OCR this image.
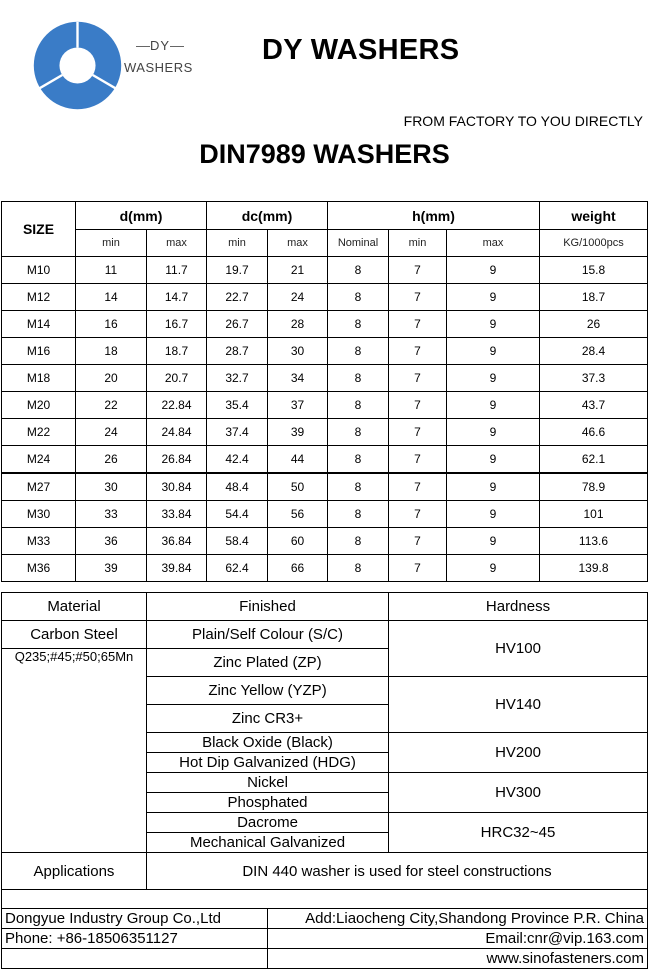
DY
WASHERS
DY WASHERS
FROM FACTORY TO YOU DIRECTLY
DIN7989 WASHERS
SIZE	d(mm)		dc(mm)		h(mm)			weight
	min	max	min	max	Nominal	min	max	KG/1000pcs
M10	11	11.7	19.7	21	8	7	9	15.8
M12	14	14.7	22.7	24	8	7	9	18.7
M14	16	16.7	26.7	28	8	7	9	26
M16	18	18.7	28.7	30	8	7	9	28.4
M18	20	20.7	32.7	34	8	7	9	37.3
M20	22	22.84	35.4	37	8	7	9	43.7
M22	24	24.84	37.4	39	8	7	9	46.6
M24	26	26.84	42.4	44	8	7	9	62.1
M27	30	30.84	48.4	50	8	7	9	78.9
M30	33	33.84	54.4	56	8	7	9	101
M33	36	36.84	58.4	60	8	7	9	113.6
M36	39	39.84	62.4	66	8	7	9	139.8
Material	Finished	Hardness
Carbon Steel	Plain/Self Colour (S/C)	HV100

Q235;#45;#50;65Mn	Zinc Plated (ZP)	
	Zinc Yellow (YZP)	HV140
	Zinc CR3+	
	Black Oxide (Black)	HV200
	Hot Dip Galvanized (HDG)	
	Nickel	HV300
	Phosphated	
	Dacrome	HRC32~45
	Mechanical Galvanized	
Applications	DIN 440 washer is used for steel constructions	

Dongyue Industry Group Co.,Ltd	Add:Liaocheng City,Shandong Province P.R. China
Phone: +86-18506351127	Email:cnr@vip.163.com
	www.sinofasteners.com
